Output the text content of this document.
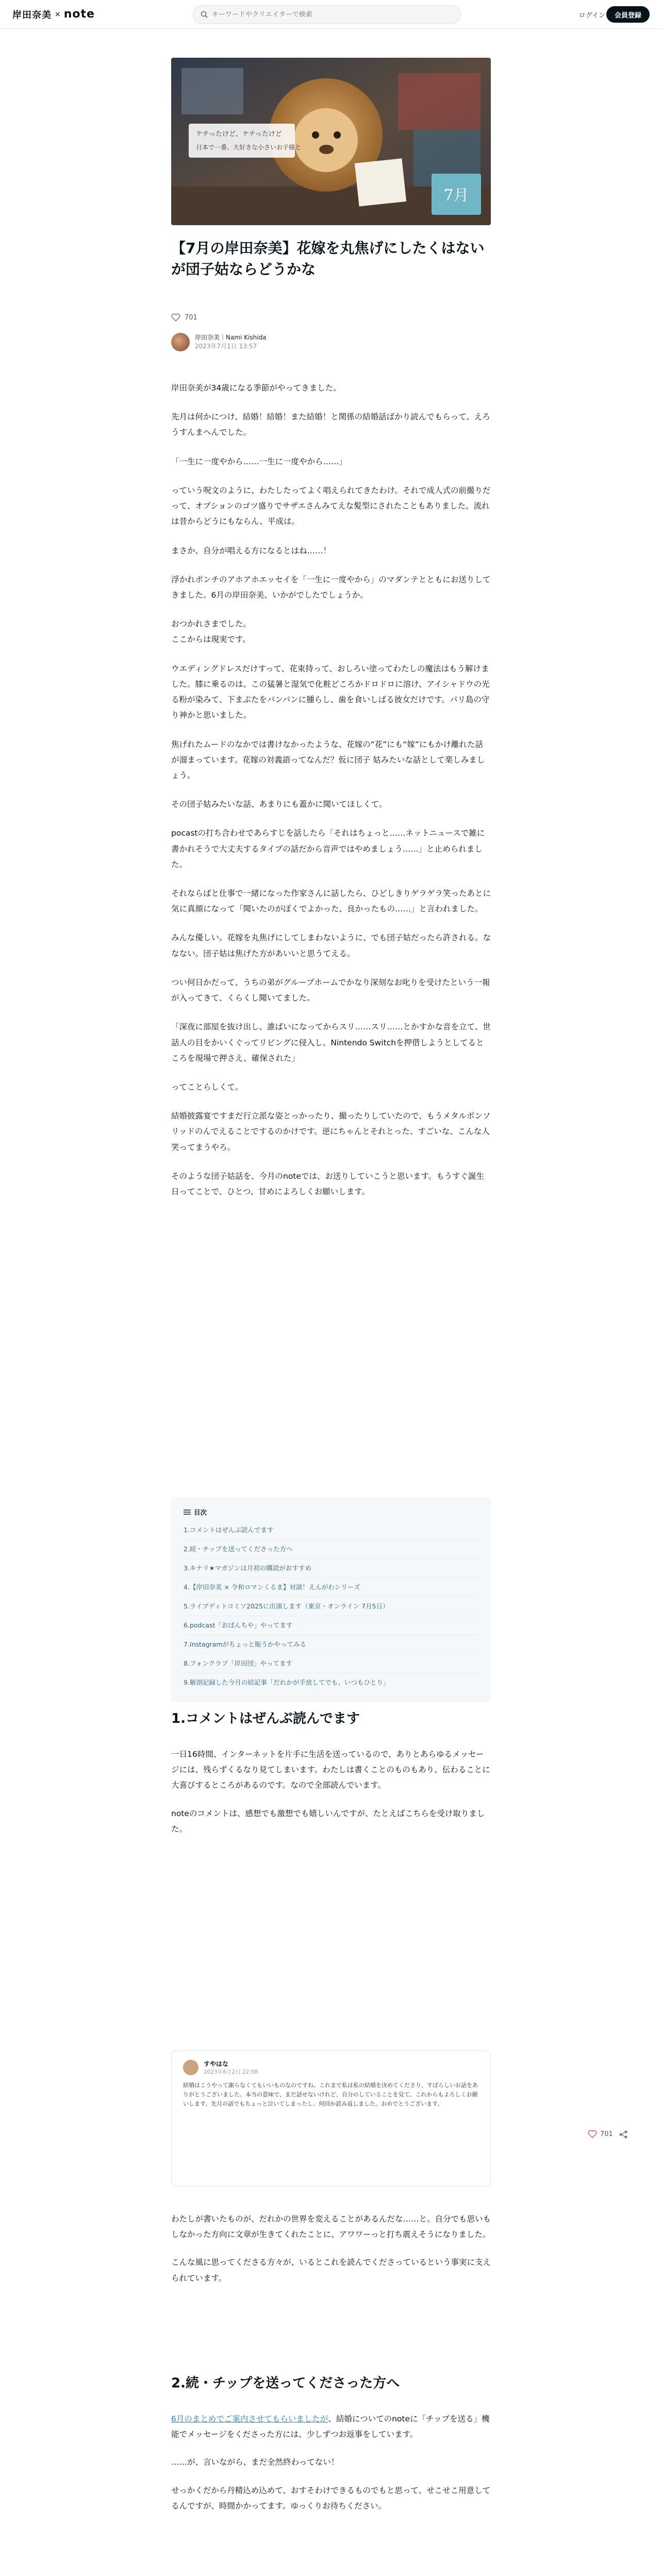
岸田奈美 × note
キーワードやクリエイターで検索	ログイン	会員登録
ケチったけど、ケチったけど
日本で一番、大好きな小さいお子様と
7月
【7月の岸田奈美】花嫁を丸焦げにしたくはないが団子姑ならどうかな
701
岸田奈美｜Nami Kishida
2023年7月1日 13:57

岸田奈美が34歳になる季節がやってきました。

先月は何かにつけ、結婚！結婚！また結婚！と関係の結婚話ばかり読んでもらって、えろうすんまへんでした。

「一生に一度やから……一生に一度やから……」

っていう呪文のように、わたしたってよく唱えられてきたわけ。それで成人式の前撮りだって、オプションのゴツ盛りでサザエさんみてえな髪型にされたこともありました。流れは昔からどうにもならん、平成は。

まさか、自分が唱える方になるとはね……！

浮かれポンチのアホアホエッセイを「一生に一度やから」のマダンテとともにお送りしてきました。6月の岸田奈美、いかがでしたでしょうか。

おつかれさまでした。
ここからは現実です。

ウエディングドレスだけすって、花束持って、おしろい塗ってわたしの魔法はもう解けました。膝に乗るのは、この猛暑と湿気で化粧どころかドロドロに溶け、アイシャドウの光る粉が染みて、下まぶたをパンパンに腫らし、歯を食いしばる彼女だけです。パリ島の守り神かと思いました。

焦げれたムードのなかでは書けなかったような、花嫁の“花”にも“嫁”にもかけ離れた話が溜まっています。花嫁の対義語ってなんだ？仮に団子 姑みたいな話として楽しみましょう。

その団子姑みたいな話、あまりにも蓋かに聞いてほしくて。

pocastの打ち合わせであらすじを話したら「それはちょっと……ネットニュースで雑に書かれそうで大丈夫するタイプの話だから音声ではやめましょう……」と止められました。

それならばと仕事で一緒になった作家さんに話したら、ひどしきりゲラゲラ笑ったあとに気に真顔になって「聞いたのがぼくでよかった、良かったもの……」と言われました。

みんな優しい。花嫁を丸焦げにしてしまわないように、でも団子姑だったら許される。ななない。団子姑は焦げた方があいいと思うてえる。

つい何日かだって、うちの弟がグループホームでかなり深刻なお叱りを受けたという一報が入ってきて、くらくし聞いてました。

「深夜に部屋を抜け出し、誰ばいになってからスリ……スリ……とかすかな音を立て、世話人の目をかいくぐってリビングに侵入し、Nintendo Switchを押借しようとしてるところを現場で押さえ、確保された」

ってことらしくて。

結婚披露宴ですまだ行立派な姿とっかったり、撮ったりしていたので、もうメタルボンソリッドのんでえることでするのかけです。逆にちゃんとそれとった、すごいな、こんな人笑ってまうやろ。

そのような団子姑話を、今月のnoteでは、お送りしていこうと思います。もうすぐ誕生日ってことで、ひとつ、甘めによろしくお願いします。

目次
1.コメントはぜんぶ読んでます
2.続・チップを送ってくださった方へ
3.キナリ★マガジンは月初の購読がおすすめ
4.【岸田奈美 × 令和ロマンくるま】対談！えんがわシリーズ
5.ライブディトコミソ2025に出演します（東京・オンライン 7月5日）
6.podcast「おばんちや」やってます
7.Instagramがちょっと賑うかやってみる
8.フォンクラブ「岸田団」やってます
9.解剖記録した今月の結記事「だれかが手放してでも、いつもひとり」
1.コメントはぜんぶ読んでます

一日16時間、インターネットを片手に生活を送っているので、ありとあらゆるメッセージには、残らずくるなり見てしまいます。わたしは書くことのものもあり、伝わることに大喜びするところがあるのです。なので全部読んでいます。

noteのコメントは、感想でも激想でも嬉しいんですが、たとえばこちらを受け取りました。

すやはな
2023年6月2日 22:08
結婚はこうやって謝らなくてもいいものなのですね。これまで私は私の結婚を決めてくださり、すばらしいお話をありがとうございました。本当の意味で、まだ話せないけれど、自分のしていることを見て、これからもよろしくお願いします。先月の話でもちょっと泣いてしまったし、何回か読み返しました。おめでとうございます。
701

わたしが書いたものが、だれかの世界を変えることがあるんだな……と。自分でも思いもしなかった方向に文章が生きてくれたことに、アワワーっと打ち震えそうになりました。

こんな風に思ってくださる方々が、いるとこれを読んでくださっているという事実に支えられています。

2.続・チップを送ってくださった方へ

6月のまとめでご案内させてもらいましたが、結婚についてのnoteに「チップを送る」機能でメッセージをくださった方には、少しずつお返事をしています。

……が、言いながら、まだ全然終わってない！

せっかくだから丹精込め込めて、おすそわけできるものでもと思って、せこせこ用意してるんですが、時間かかってます。ゆっくりお待ちください。
